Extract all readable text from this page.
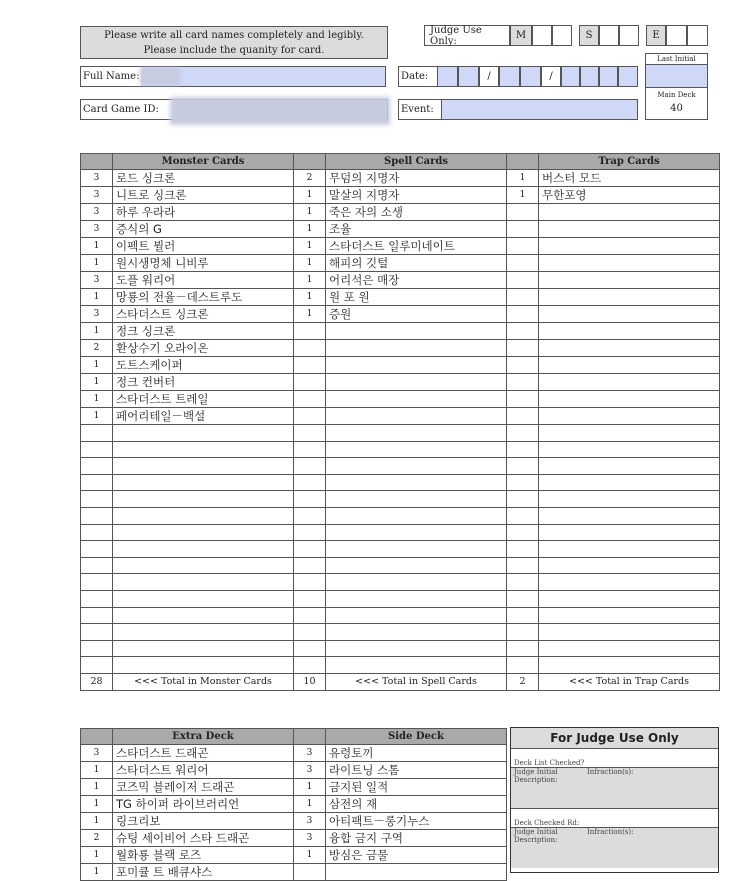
Please write all card names completely and legibly.
Please include the quanity for card.
Full Name:
Card Game ID:
Judge Use Only:	M	S	E
Date:	/	/
Event:
Last Initial
Main Deck
40
	Monster Cards		Spell Cards		Trap Cards
3	로드 싱크론	2	무덤의 지명자	1	버스터 모드
3	니트로 싱크론	1	말살의 지명자	1	무한포영
3	하루 우라라	1	죽은 자의 소생		
3	증식의 G	1	조율		
1	이펙트 뷜러	1	스타더스트 일루미네이트		
1	원시생명체 니비루	1	해피의 깃털		
3	도플 워리어	1	어리석은 매장		
1	망룡의 전율－데스트루도	1	원 포 원		
3	스타더스트 싱크론	1	증원		
1	정크 싱크론				
2	환상수기 오라이온				
1	도트스케이퍼				
1	정크 컨버터				
1	스타더스트 트레일				
1	페어리테일－백설				

28	<<< Total in Monster Cards	10	<<< Total in Spell Cards	2	<<< Total in Trap Cards
	Extra Deck		Side Deck
3	스타더스트 드래곤	3	유령토끼
1	스타더스트 워리어	3	라이트닝 스톰
1	코즈믹 블레이저 드래곤	1	금지된 일적
1	TG 하이퍼 라이브러리언	1	삼전의 재
1	링크리보	3	아티팩트－롱기누스
2	슈팅 세이비어 스타 드래곤	3	융합 금지 구역
1	월화룡 블랙 로즈	1	방심은 금물
1	포미큘 트 배큐샤스		
For Judge Use Only
Deck List Checked?
Judge Initial	Infraction(s):
Description:
Deck Checked Rd:
Judge Initial	Infraction(s):
Description:
